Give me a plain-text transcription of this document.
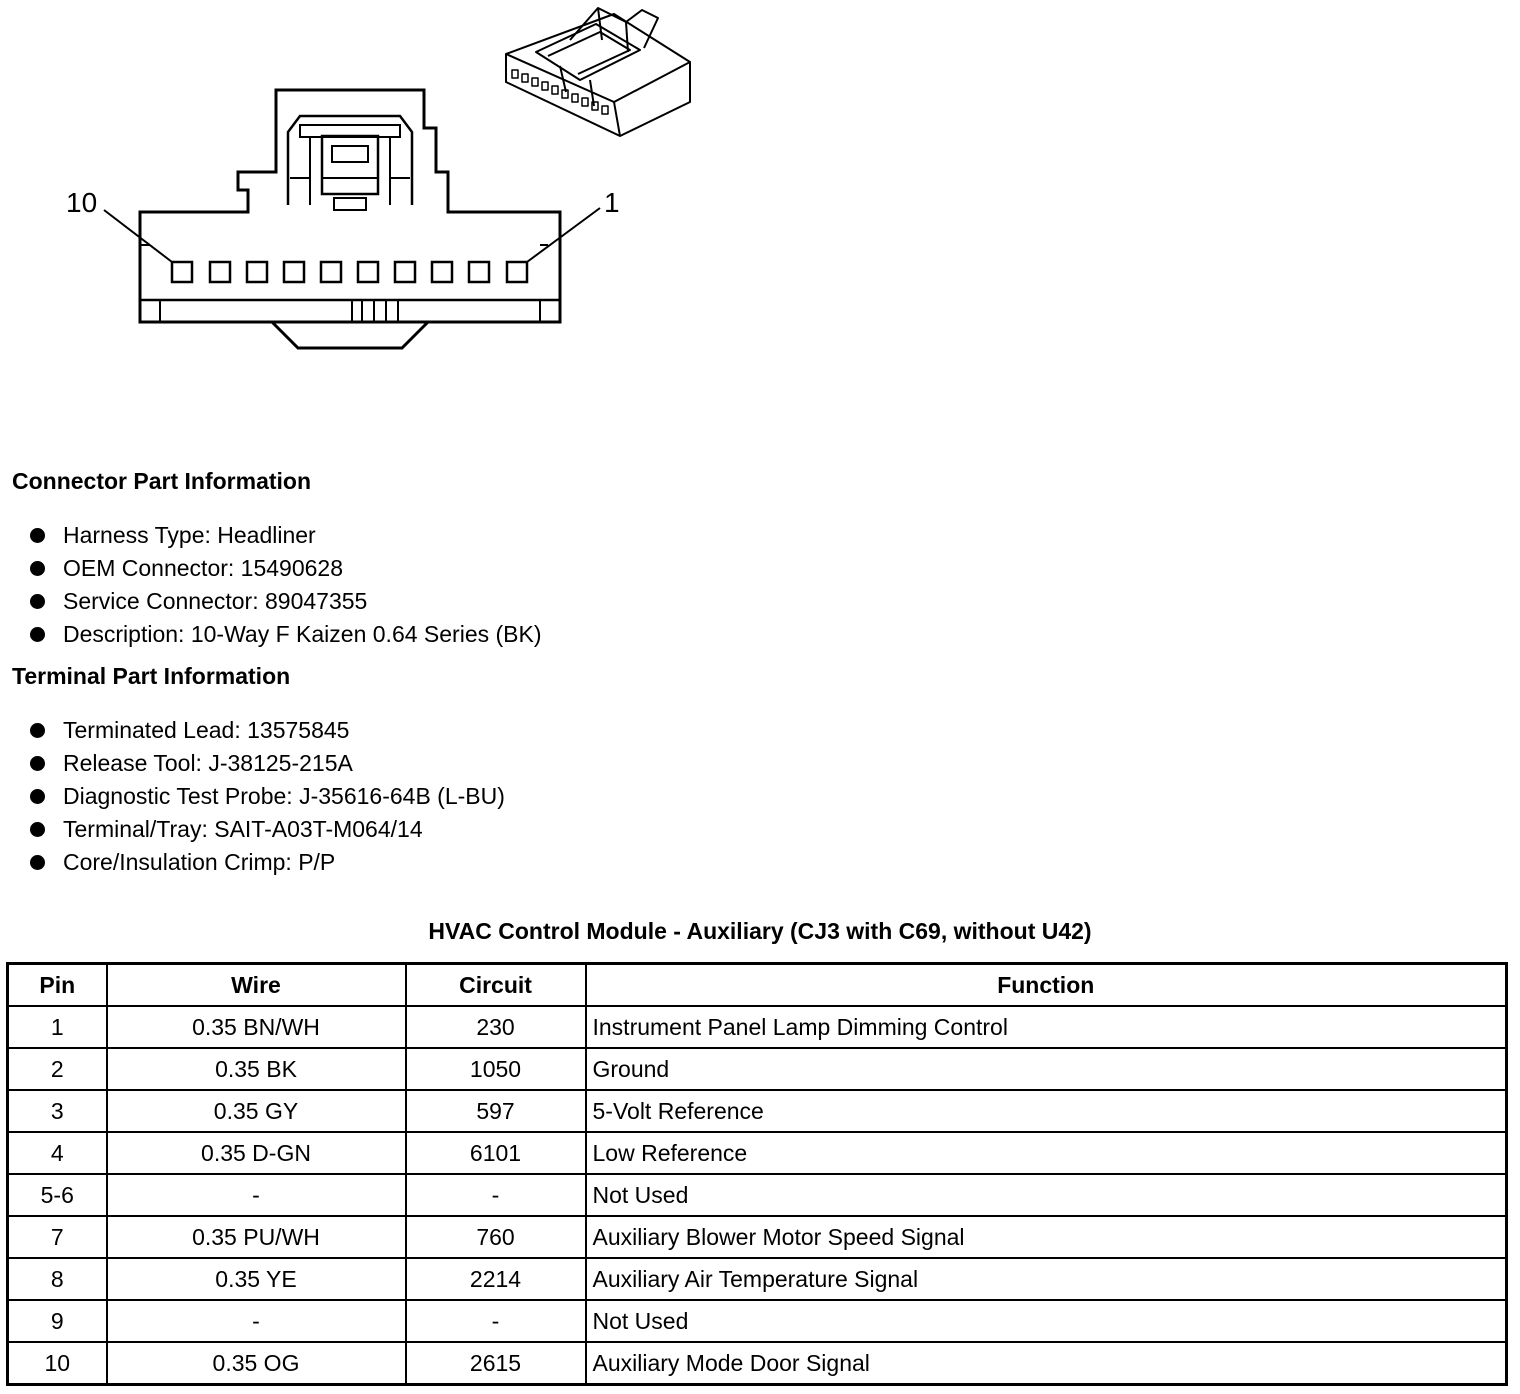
10	1
Connector Part Information
Harness Type: Headliner
OEM Connector: 15490628
Service Connector: 89047355
Description: 10-Way F Kaizen 0.64 Series (BK)
Terminal Part Information
Terminated Lead: 13575845
Release Tool: J-38125-215A
Diagnostic Test Probe: J-35616-64B (L-BU)
Terminal/Tray: SAIT-A03T-M064/14
Core/Insulation Crimp: P/P
HVAC Control Module - Auxiliary (CJ3 with C69, without U42)
Pin	Wire	Circuit	Function
1	0.35 BN/WH	230	Instrument Panel Lamp Dimming Control
2	0.35 BK	1050	Ground
3	0.35 GY	597	5-Volt Reference
4	0.35 D-GN	6101	Low Reference
5-6	-	-	Not Used
7	0.35 PU/WH	760	Auxiliary Blower Motor Speed Signal
8	0.35 YE	2214	Auxiliary Air Temperature Signal
9	-	-	Not Used
10	0.35 OG	2615	Auxiliary Mode Door Signal
